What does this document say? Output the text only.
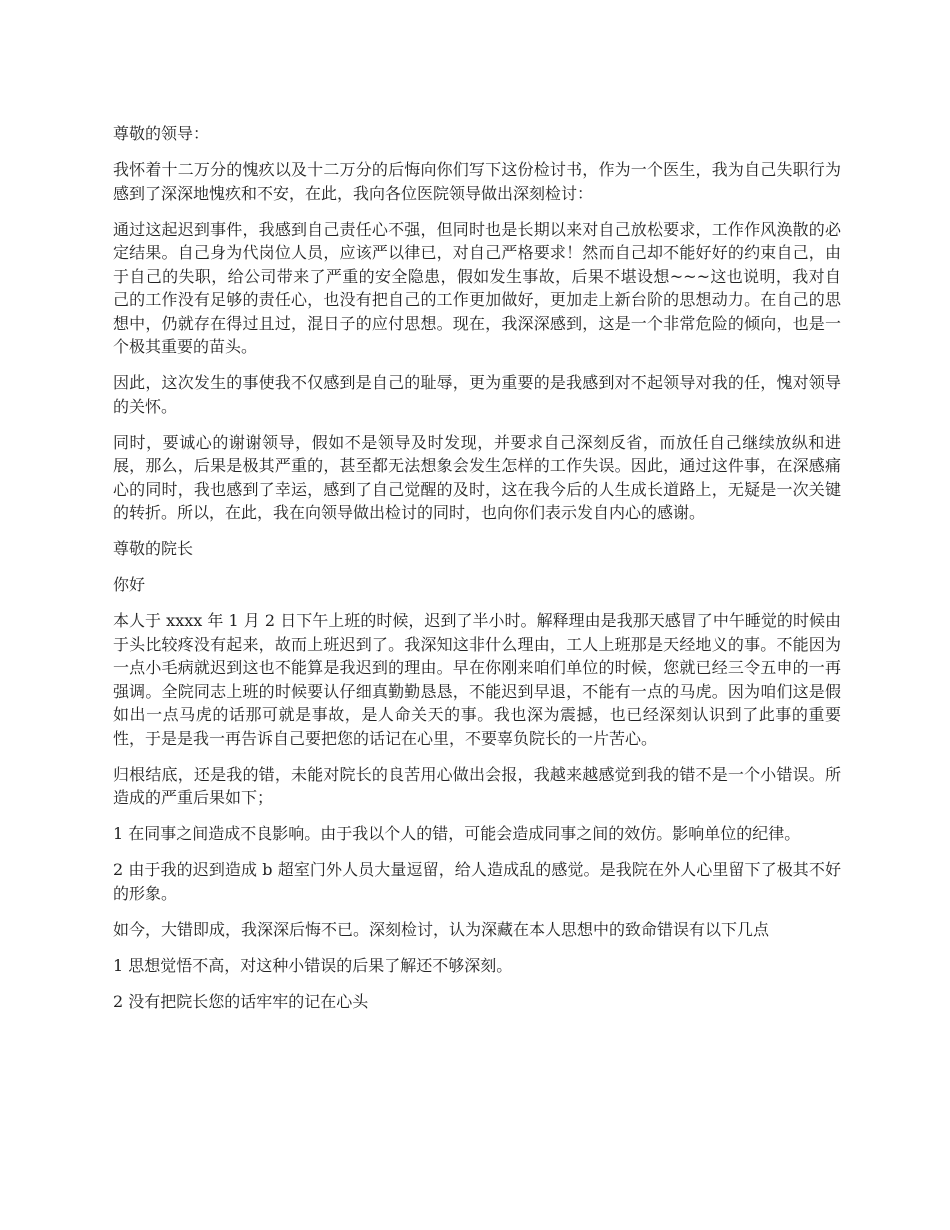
尊敬的领导：

我怀着十二万分的愧疚以及十二万分的后悔向你们写下这份检讨书，作为一个医生，我为自己失职行为感到了深深地愧疚和不安，在此，我向各位医院领导做出深刻检讨：

通过这起迟到事件，我感到自己责任心不强，但同时也是长期以来对自己放松要求，工作作风涣散的必定结果。自己身为代岗位人员，应该严以律已，对自己严格要求！然而自己却不能好好的约束自己，由于自己的失职，给公司带来了严重的安全隐患，假如发生事故，后果不堪设想~~~这也说明，我对自己的工作没有足够的责任心，也没有把自己的工作更加做好，更加走上新台阶的思想动力。在自己的思想中，仍就存在得过且过，混日子的应付思想。现在，我深深感到，这是一个非常危险的倾向，也是一个极其重要的苗头。

因此，这次发生的事使我不仅感到是自己的耻辱，更为重要的是我感到对不起领导对我的任，愧对领导的关怀。

同时，要诚心的谢谢领导，假如不是领导及时发现，并要求自己深刻反省，而放任自己继续放纵和进展，那么，后果是极其严重的，甚至都无法想象会发生怎样的工作失误。因此，通过这件事，在深感痛心的同时，我也感到了幸运，感到了自己觉醒的及时，这在我今后的人生成长道路上，无疑是一次关键的转折。所以，在此，我在向领导做出检讨的同时，也向你们表示发自内心的感谢。

尊敬的院长

你好

本人于 xxxx 年 1 月 2 日下午上班的时候，迟到了半小时。解释理由是我那天感冒了中午睡觉的时候由于头比较疼没有起来，故而上班迟到了。我深知这非什么理由，工人上班那是天经地义的事。不能因为一点小毛病就迟到这也不能算是我迟到的理由。早在你刚来咱们单位的时候，您就已经三令五申的一再强调。全院同志上班的时候要认仔细真勤勤恳恳，不能迟到早退，不能有一点的马虎。因为咱们这是假如出一点马虎的话那可就是事故，是人命关天的事。我也深为震撼，也已经深刻认识到了此事的重要性，于是是我一再告诉自己要把您的话记在心里，不要辜负院长的一片苦心。

归根结底，还是我的错，未能对院长的良苦用心做出会报，我越来越感觉到我的错不是一个小错误。所造成的严重后果如下；

1 在同事之间造成不良影响。由于我以个人的错，可能会造成同事之间的效仿。影响单位的纪律。

2 由于我的迟到造成 b 超室门外人员大量逗留，给人造成乱的感觉。是我院在外人心里留下了极其不好的形象。

如今，大错即成，我深深后悔不已。深刻检讨，认为深藏在本人思想中的致命错误有以下几点

1 思想觉悟不高，对这种小错误的后果了解还不够深刻。

2 没有把院长您的话牢牢的记在心头
